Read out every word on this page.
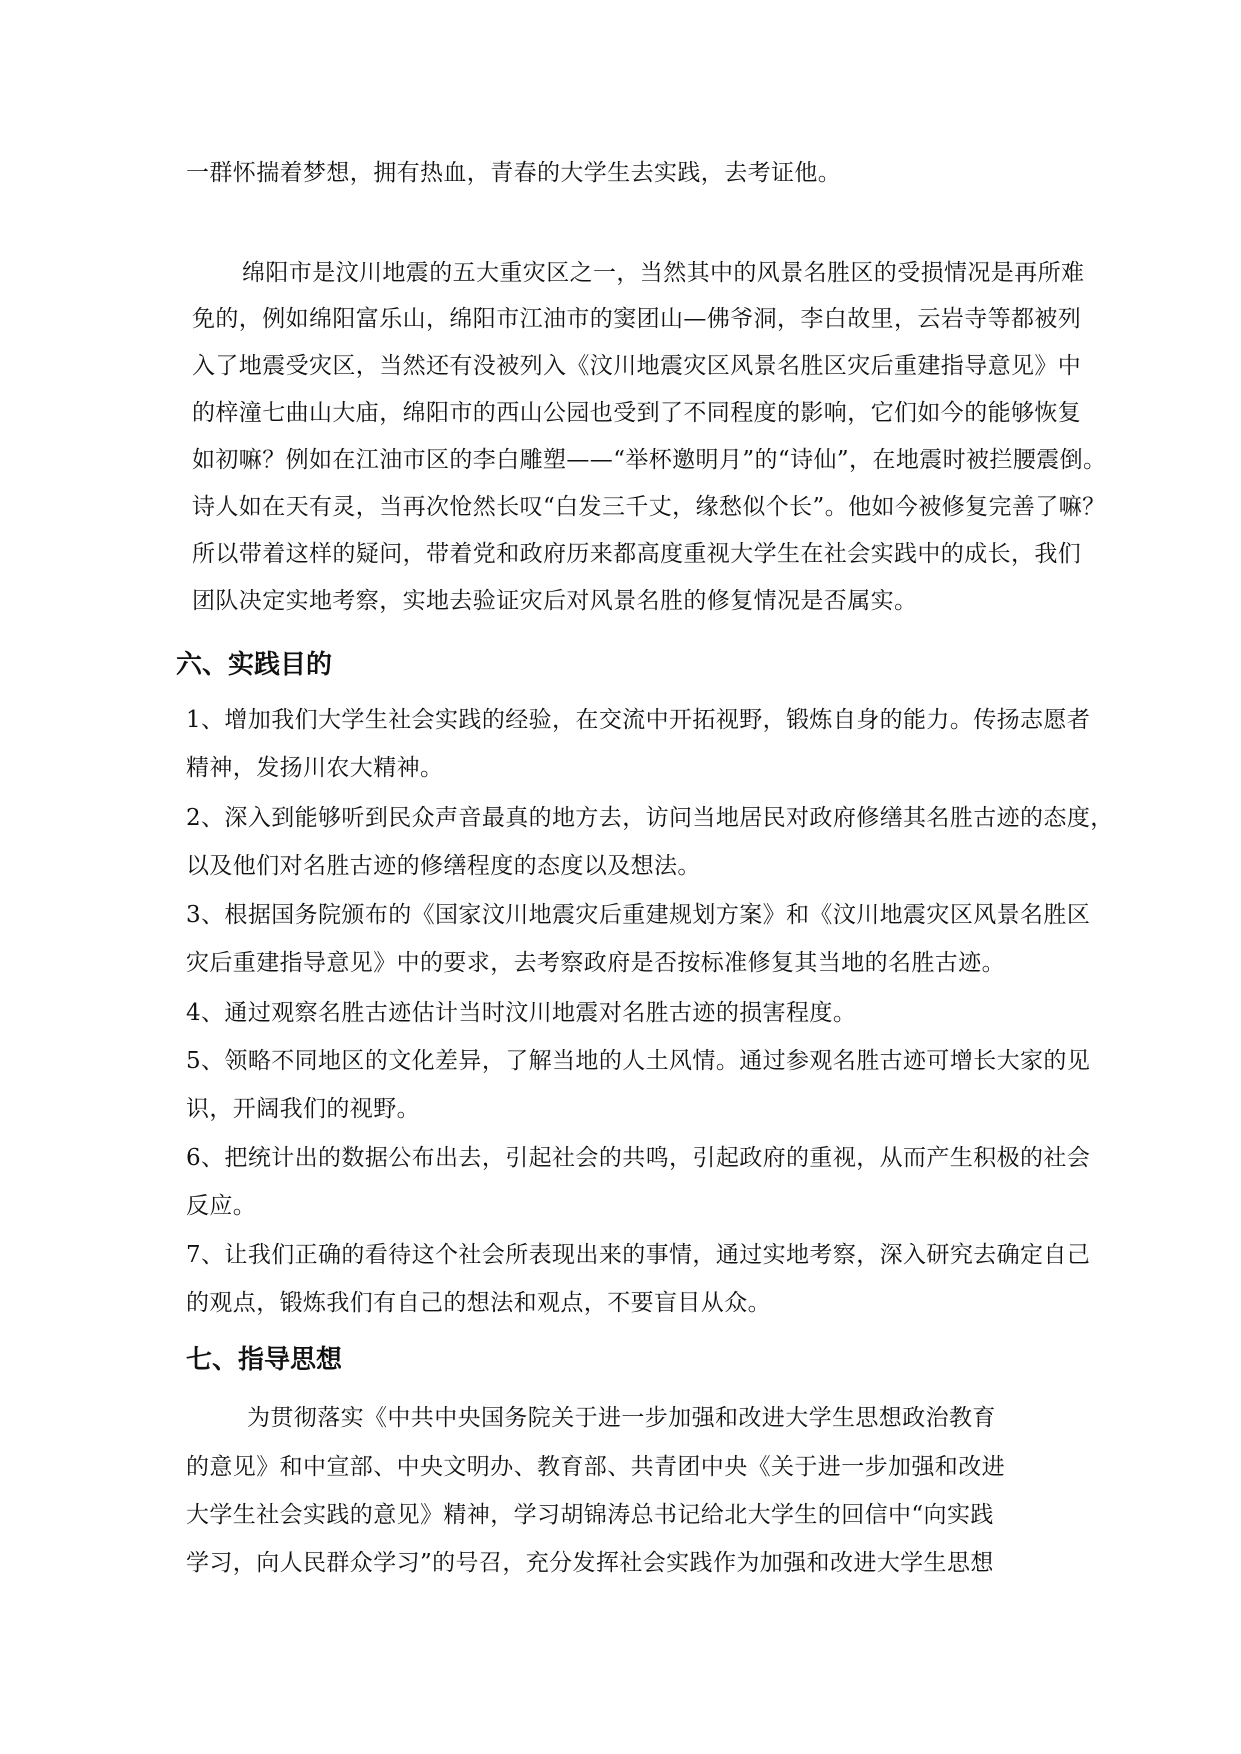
一群怀揣着梦想，拥有热血，青春的大学生去实践，去考证他。
绵阳市是汶川地震的五大重灾区之一，当然其中的风景名胜区的受损情况是再所难
免的，例如绵阳富乐山，绵阳市江油市的窦团山—佛爷洞，李白故里，云岩寺等都被列
入了地震受灾区，当然还有没被列入《汶川地震灾区风景名胜区灾后重建指导意见》中
的梓潼七曲山大庙，绵阳市的西山公园也受到了不同程度的影响，它们如今的能够恢复
如初嘛？例如在江油市区的李白雕塑——“举杯邀明月”的“诗仙”，在地震时被拦腰震倒。
诗人如在天有灵，当再次怆然长叹“白发三千丈，缘愁似个长”。他如今被修复完善了嘛？
所以带着这样的疑问，带着党和政府历来都高度重视大学生在社会实践中的成长，我们
团队决定实地考察，实地去验证灾后对风景名胜的修复情况是否属实。
六、实践目的
1、增加我们大学生社会实践的经验，在交流中开拓视野，锻炼自身的能力。传扬志愿者
精神，发扬川农大精神。
2、深入到能够听到民众声音最真的地方去，访问当地居民对政府修缮其名胜古迹的态度，
以及他们对名胜古迹的修缮程度的态度以及想法。
3、根据国务院颁布的《国家汶川地震灾后重建规划方案》和《汶川地震灾区风景名胜区
灾后重建指导意见》中的要求，去考察政府是否按标准修复其当地的名胜古迹。
4、通过观察名胜古迹估计当时汶川地震对名胜古迹的损害程度。
5、领略不同地区的文化差异，了解当地的人土风情。通过参观名胜古迹可增长大家的见
识，开阔我们的视野。
6、把统计出的数据公布出去，引起社会的共鸣，引起政府的重视，从而产生积极的社会
反应。
7、让我们正确的看待这个社会所表现出来的事情，通过实地考察，深入研究去确定自己
的观点，锻炼我们有自己的想法和观点，不要盲目从众。
七、指导思想
为贯彻落实《中共中央国务院关于进一步加强和改进大学生思想政治教育
的意见》和中宣部、中央文明办、教育部、共青团中央《关于进一步加强和改进
大学生社会实践的意见》精神，学习胡锦涛总书记给北大学生的回信中“向实践
学习，向人民群众学习”的号召，充分发挥社会实践作为加强和改进大学生思想
